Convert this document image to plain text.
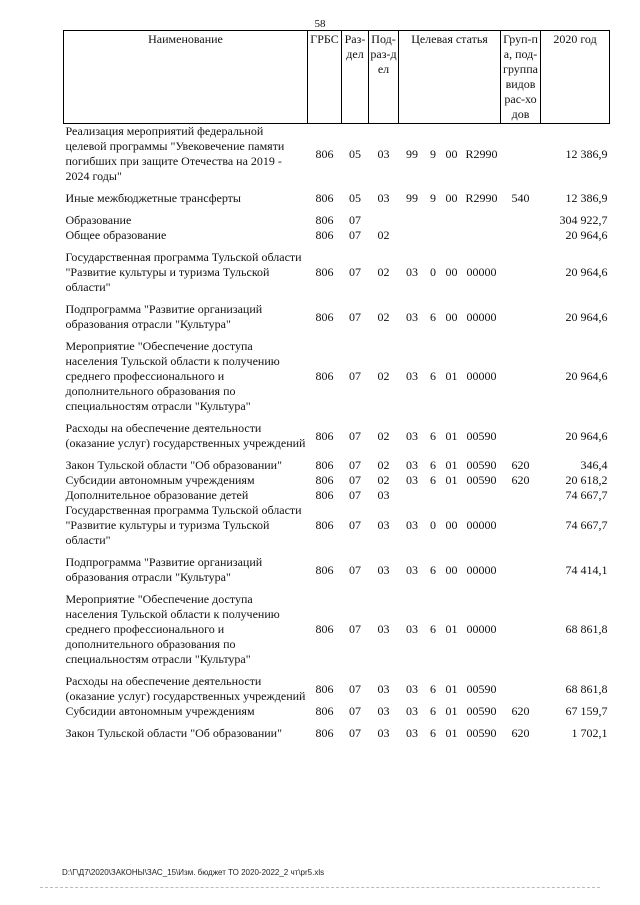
58
Наименование	ГРБС	Раз-дел	Под-раз-дел	Целевая статья				Груп-па, под-группа видов рас-ходов	2020 год
Реализация мероприятий федеральной целевой программы "Увековечение памяти погибших при защите Отечества на 2019 - 2024 годы"	806	05	03	99	9	00	R2990		12 386,9

Иные межбюджетные трансферты	806	05	03	99	9	00	R2990	540	12 386,9

Образование	806	07							304 922,7
Общее образование	806	07	02						20 964,6

Государственная программа Тульской области "Развитие культуры и туризма Тульской области"	806	07	02	03	0	00	00000		20 964,6

Подпрограмма "Развитие организаций образования отрасли "Культура"	806	07	02	03	6	00	00000		20 964,6

Мероприятие "Обеспечение доступа населения Тульской области к получению среднего профессионального и дополнительного образования по специальностям отрасли "Культура"	806	07	02	03	6	01	00000		20 964,6

Расходы на обеспечение деятельности (оказание услуг) государственных учреждений	806	07	02	03	6	01	00590		20 964,6

Закон Тульской области "Об образовании"	806	07	02	03	6	01	00590	620	346,4
Субсидии автономным учреждениям	806	07	02	03	6	01	00590	620	20 618,2
Дополнительное образование детей	806	07	03						74 667,7
Государственная программа Тульской области "Развитие культуры и туризма Тульской области"	806	07	03	03	0	00	00000		74 667,7

Подпрограмма "Развитие организаций образования отрасли "Культура"	806	07	03	03	6	00	00000		74 414,1

Мероприятие "Обеспечение доступа населения Тульской области к получению среднего профессионального и дополнительного образования по специальностям отрасли "Культура"	806	07	03	03	6	01	00000		68 861,8

Расходы на обеспечение деятельности (оказание услуг) государственных учреждений	806	07	03	03	6	01	00590		68 861,8
Субсидии автономным учреждениям	806	07	03	03	6	01	00590	620	67 159,7

Закон Тульской области "Об образовании"	806	07	03	03	6	01	00590	620	1 702,1
D:\Г\Д7\2020\ЗАКОНЫ\ЗАС_15\Изм. бюджет ТО 2020-2022_2 чт\pr5.xls
